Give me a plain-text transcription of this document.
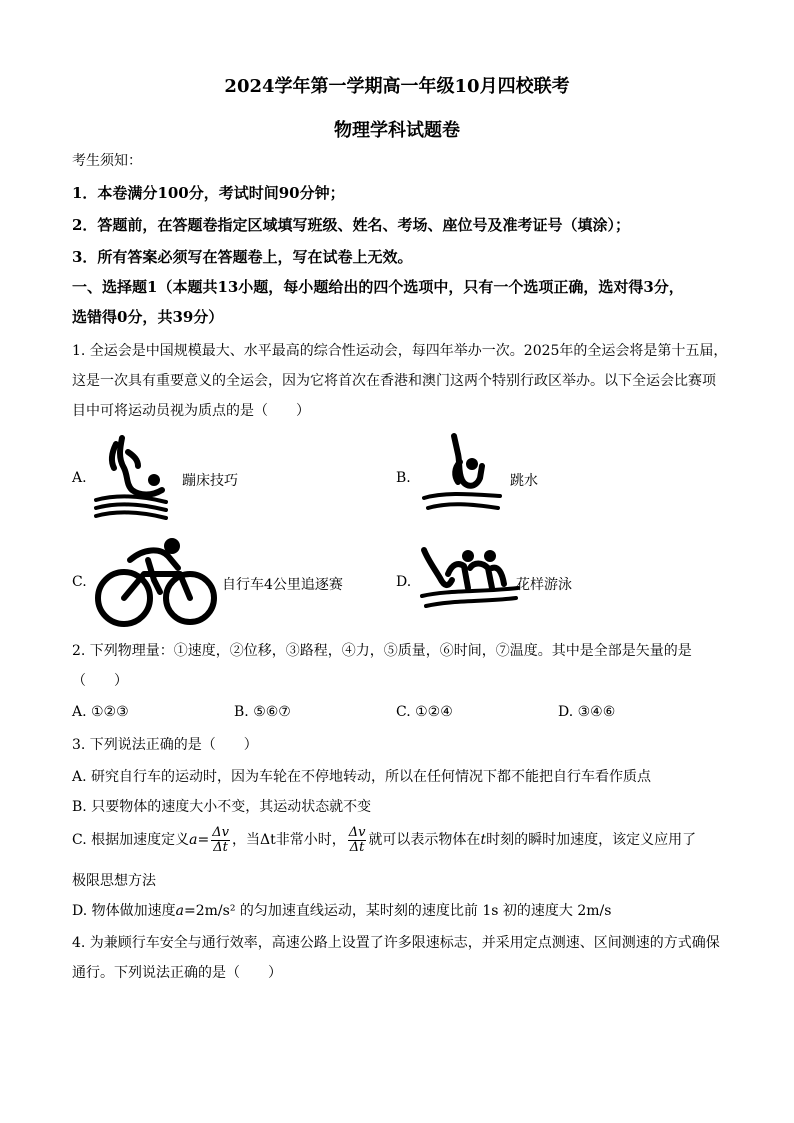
2024学年第一学期高一年级10月四校联考
物理学科试题卷
考生须知：
1．本卷满分100分，考试时间90分钟；
2．答题前，在答题卷指定区域填写班级、姓名、考场、座位号及准考证号（填涂）；
3．所有答案必须写在答题卷上，写在试卷上无效。
一、选择题1（本题共13小题，每小题给出的四个选项中，只有一个选项正确，选对得3分，
选错得0分，共39分）
1. 全运会是中国规模最大、水平最高的综合性运动会，每四年举办一次。2025年的全运会将是第十五届，
这是一次具有重要意义的全运会，因为它将首次在香港和澳门这两个特别行政区举办。以下全运会比赛项
目中可将运动员视为质点的是（　　）
A.	蹦床技巧	B.	跳水
C.	自行车4公里追逐赛	D.	花样游泳
2. 下列物理量：①速度，②位移，③路程，④力，⑤质量，⑥时间，⑦温度。其中是全部是矢量的是
（　　）
A. ①②③	B. ⑤⑥⑦	C. ①②④	D. ③④⑥
3. 下列说法正确的是（　　）
A. 研究自行车的运动时，因为车轮在不停地转动，所以在任何情况下都不能把自行车看作质点
B. 只要物体的速度大小不变，其运动状态就不变
C. 根据加速度定义$a= \frac{\Delta v}{\Delta t}$ ，当Δt非常小时， $\frac{\Delta v}{\Delta t}$ 就可以表示物体在t时刻的瞬时加速度，该定义应用了
极限思想方法
D. 物体做加速度a=2m/s² 的匀加速直线运动，某时刻的速度比前 1s 初的速度大 2m/s
4. 为兼顾行车安全与通行效率，高速公路上设置了许多限速标志，并采用定点测速、区间测速的方式确保
通行。下列说法正确的是（　　）
